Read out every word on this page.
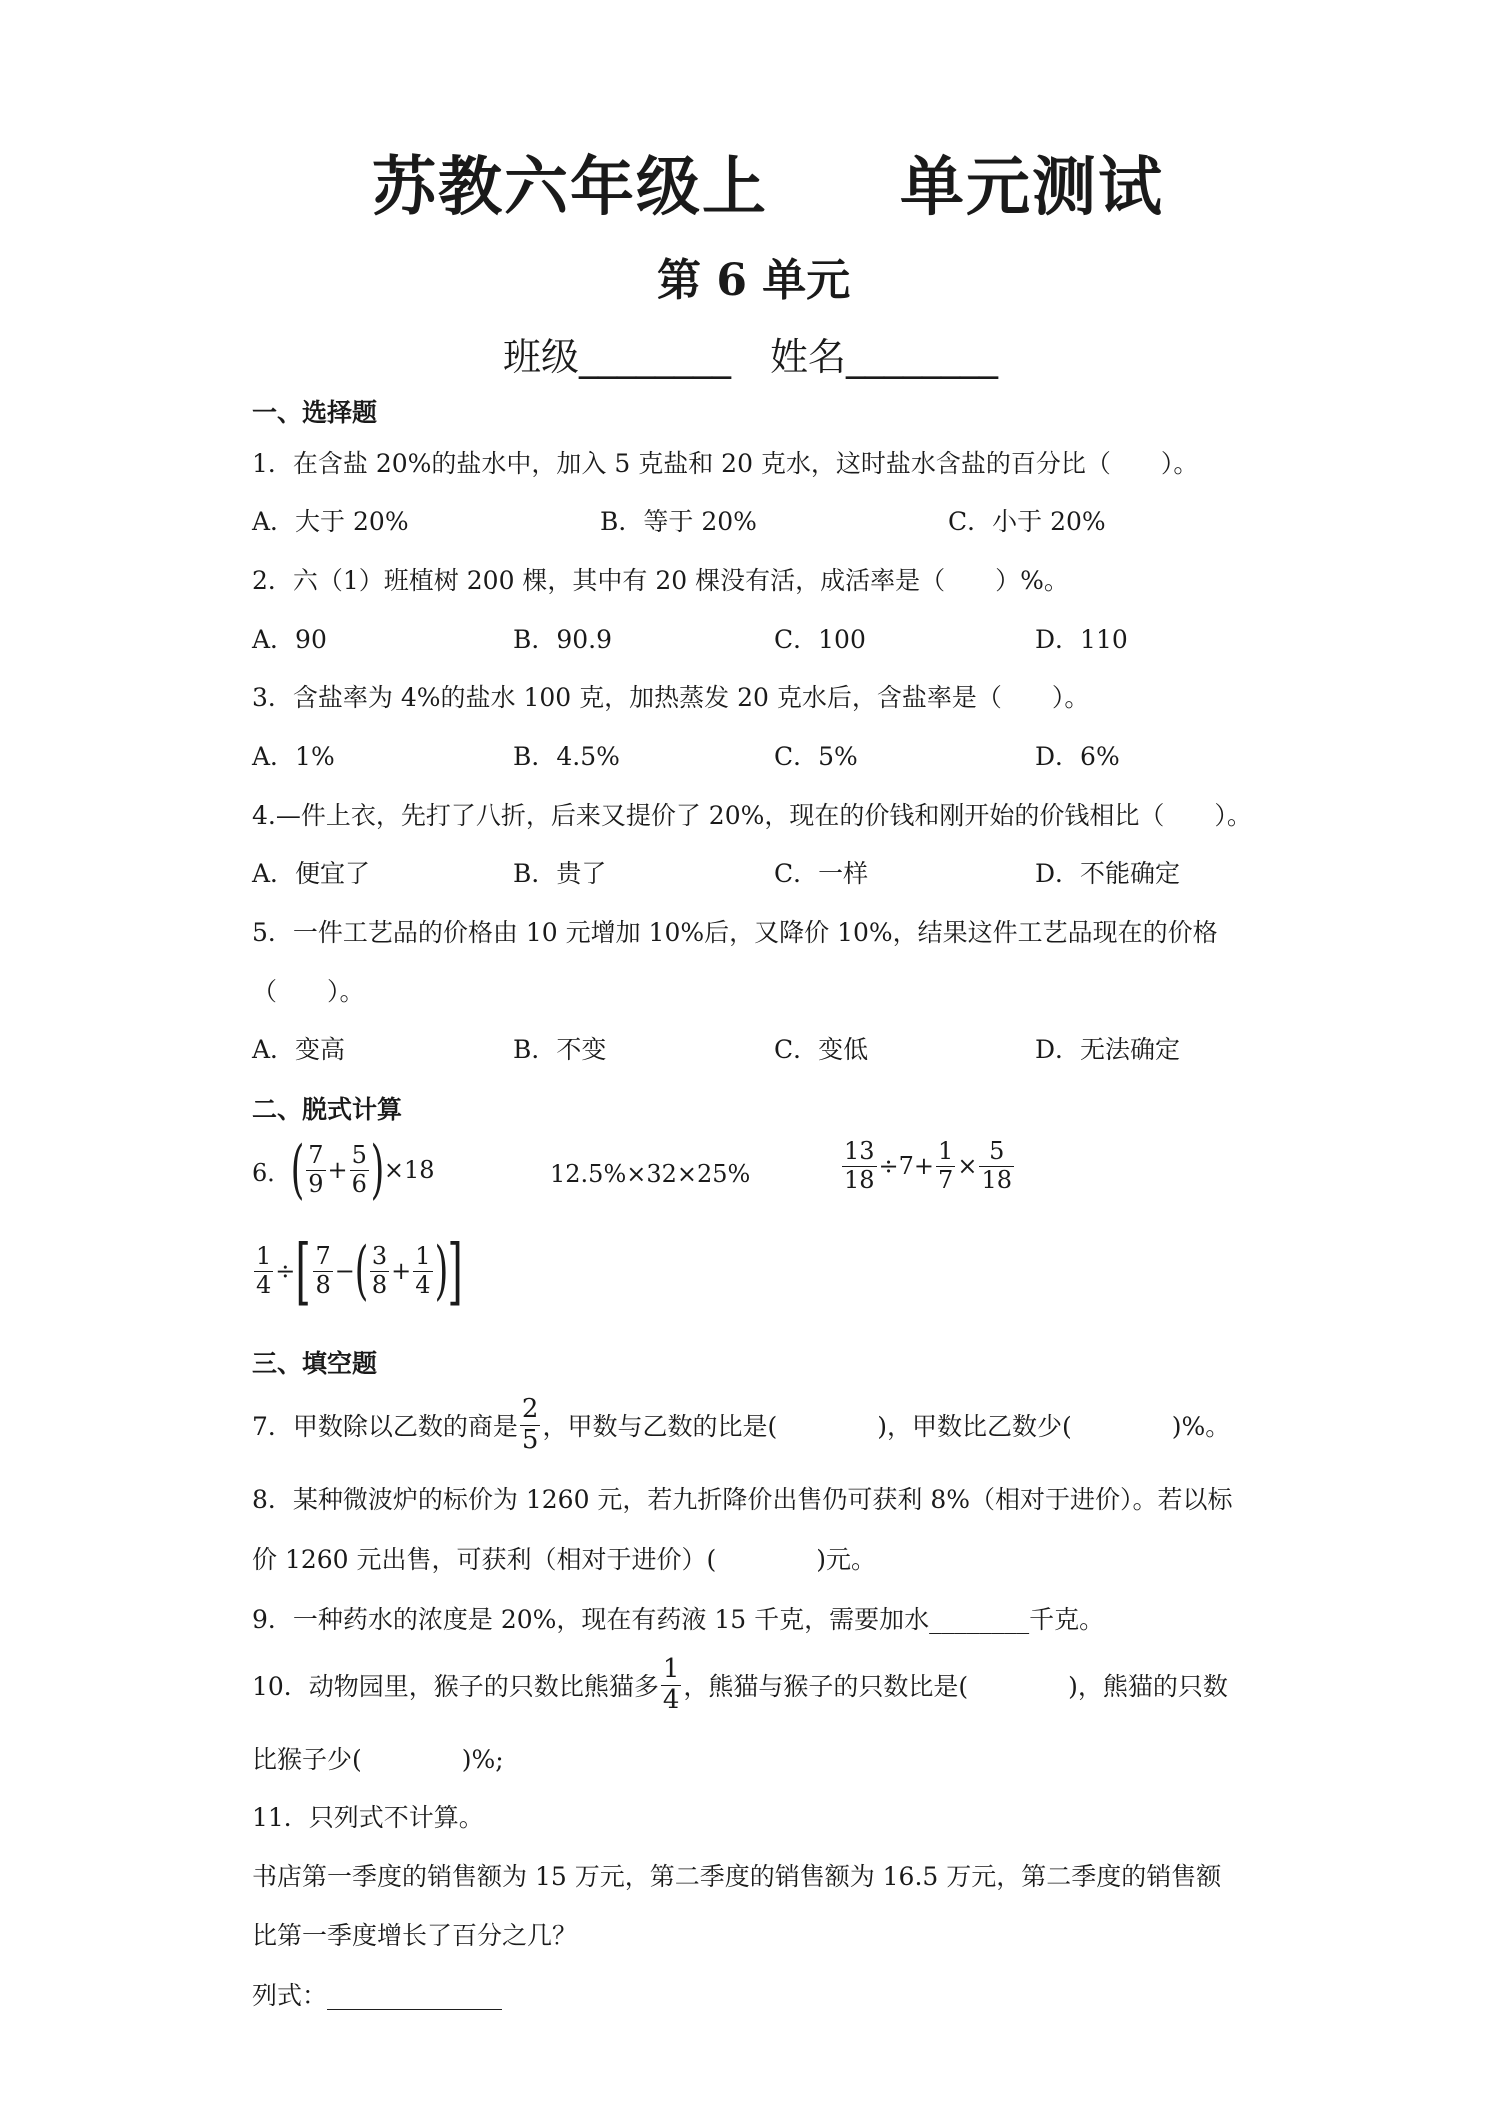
苏教六年级上　　单元测试
第 6 单元
班级________ 姓名________
一、选择题
1．在含盐 20%的盐水中，加入 5 克盐和 20 克水，这时盐水含盐的百分比（　　）。
A．大于 20%	B．等于 20%	C．小于 20%
2．六（1）班植树 200 棵，其中有 20 棵没有活，成活率是（　　）%。
A．90	B．90.9	C．100	D．110
3．含盐率为 4%的盐水 100 克，加热蒸发 20 克水后，含盐率是（　　）。
A．1%	B．4.5%	C．5%	D．6%
4.—件上衣，先打了八折，后来又提价了 20%，现在的价钱和刚开始的价钱相比（　　）。
A．便宜了	B．贵了	C．一样	D．不能确定
5．一件工艺品的价格由 10 元增加 10%后，又降价 10%，结果这件工艺品现在的价格
（　　）。
A．变高	B．不变	C．变低	D．无法确定
二、脱式计算
6． ( $\frac{7}{9} + \frac{5}{6}$ ) ×18	12.5%×32×25%	$\frac{13}{18} \div 7+ \frac{1}{7} \times \frac{5}{18}$
$\frac{1}{4}$ ÷ [ $\frac{7}{8}$ − ( $\frac{3}{8} + \frac{1}{4}$ ) ]
三、填空题
7．甲数除以乙数的商是 $\frac{2}{5}$ ，甲数与乙数的比是(　　　　)，甲数比乙数少(　　　　)%。
8．某种微波炉的标价为 1260 元，若九折降价出售仍可获利 8%（相对于进价）。若以标
价 1260 元出售，可获利（相对于进价）(　　　　)元。
9．一种药水的浓度是 20%，现在有药液 15 千克，需要加水________千克。
10．动物园里，猴子的只数比熊猫多 $\frac{1}{4}$ ，熊猫与猴子的只数比是(　　　　)，熊猫的只数
比猴子少(　　　　)%;
11．只列式不计算。
书店第一季度的销售额为 15 万元，第二季度的销售额为 16.5 万元，第二季度的销售额
比第一季度增长了百分之几？
列式：______________
